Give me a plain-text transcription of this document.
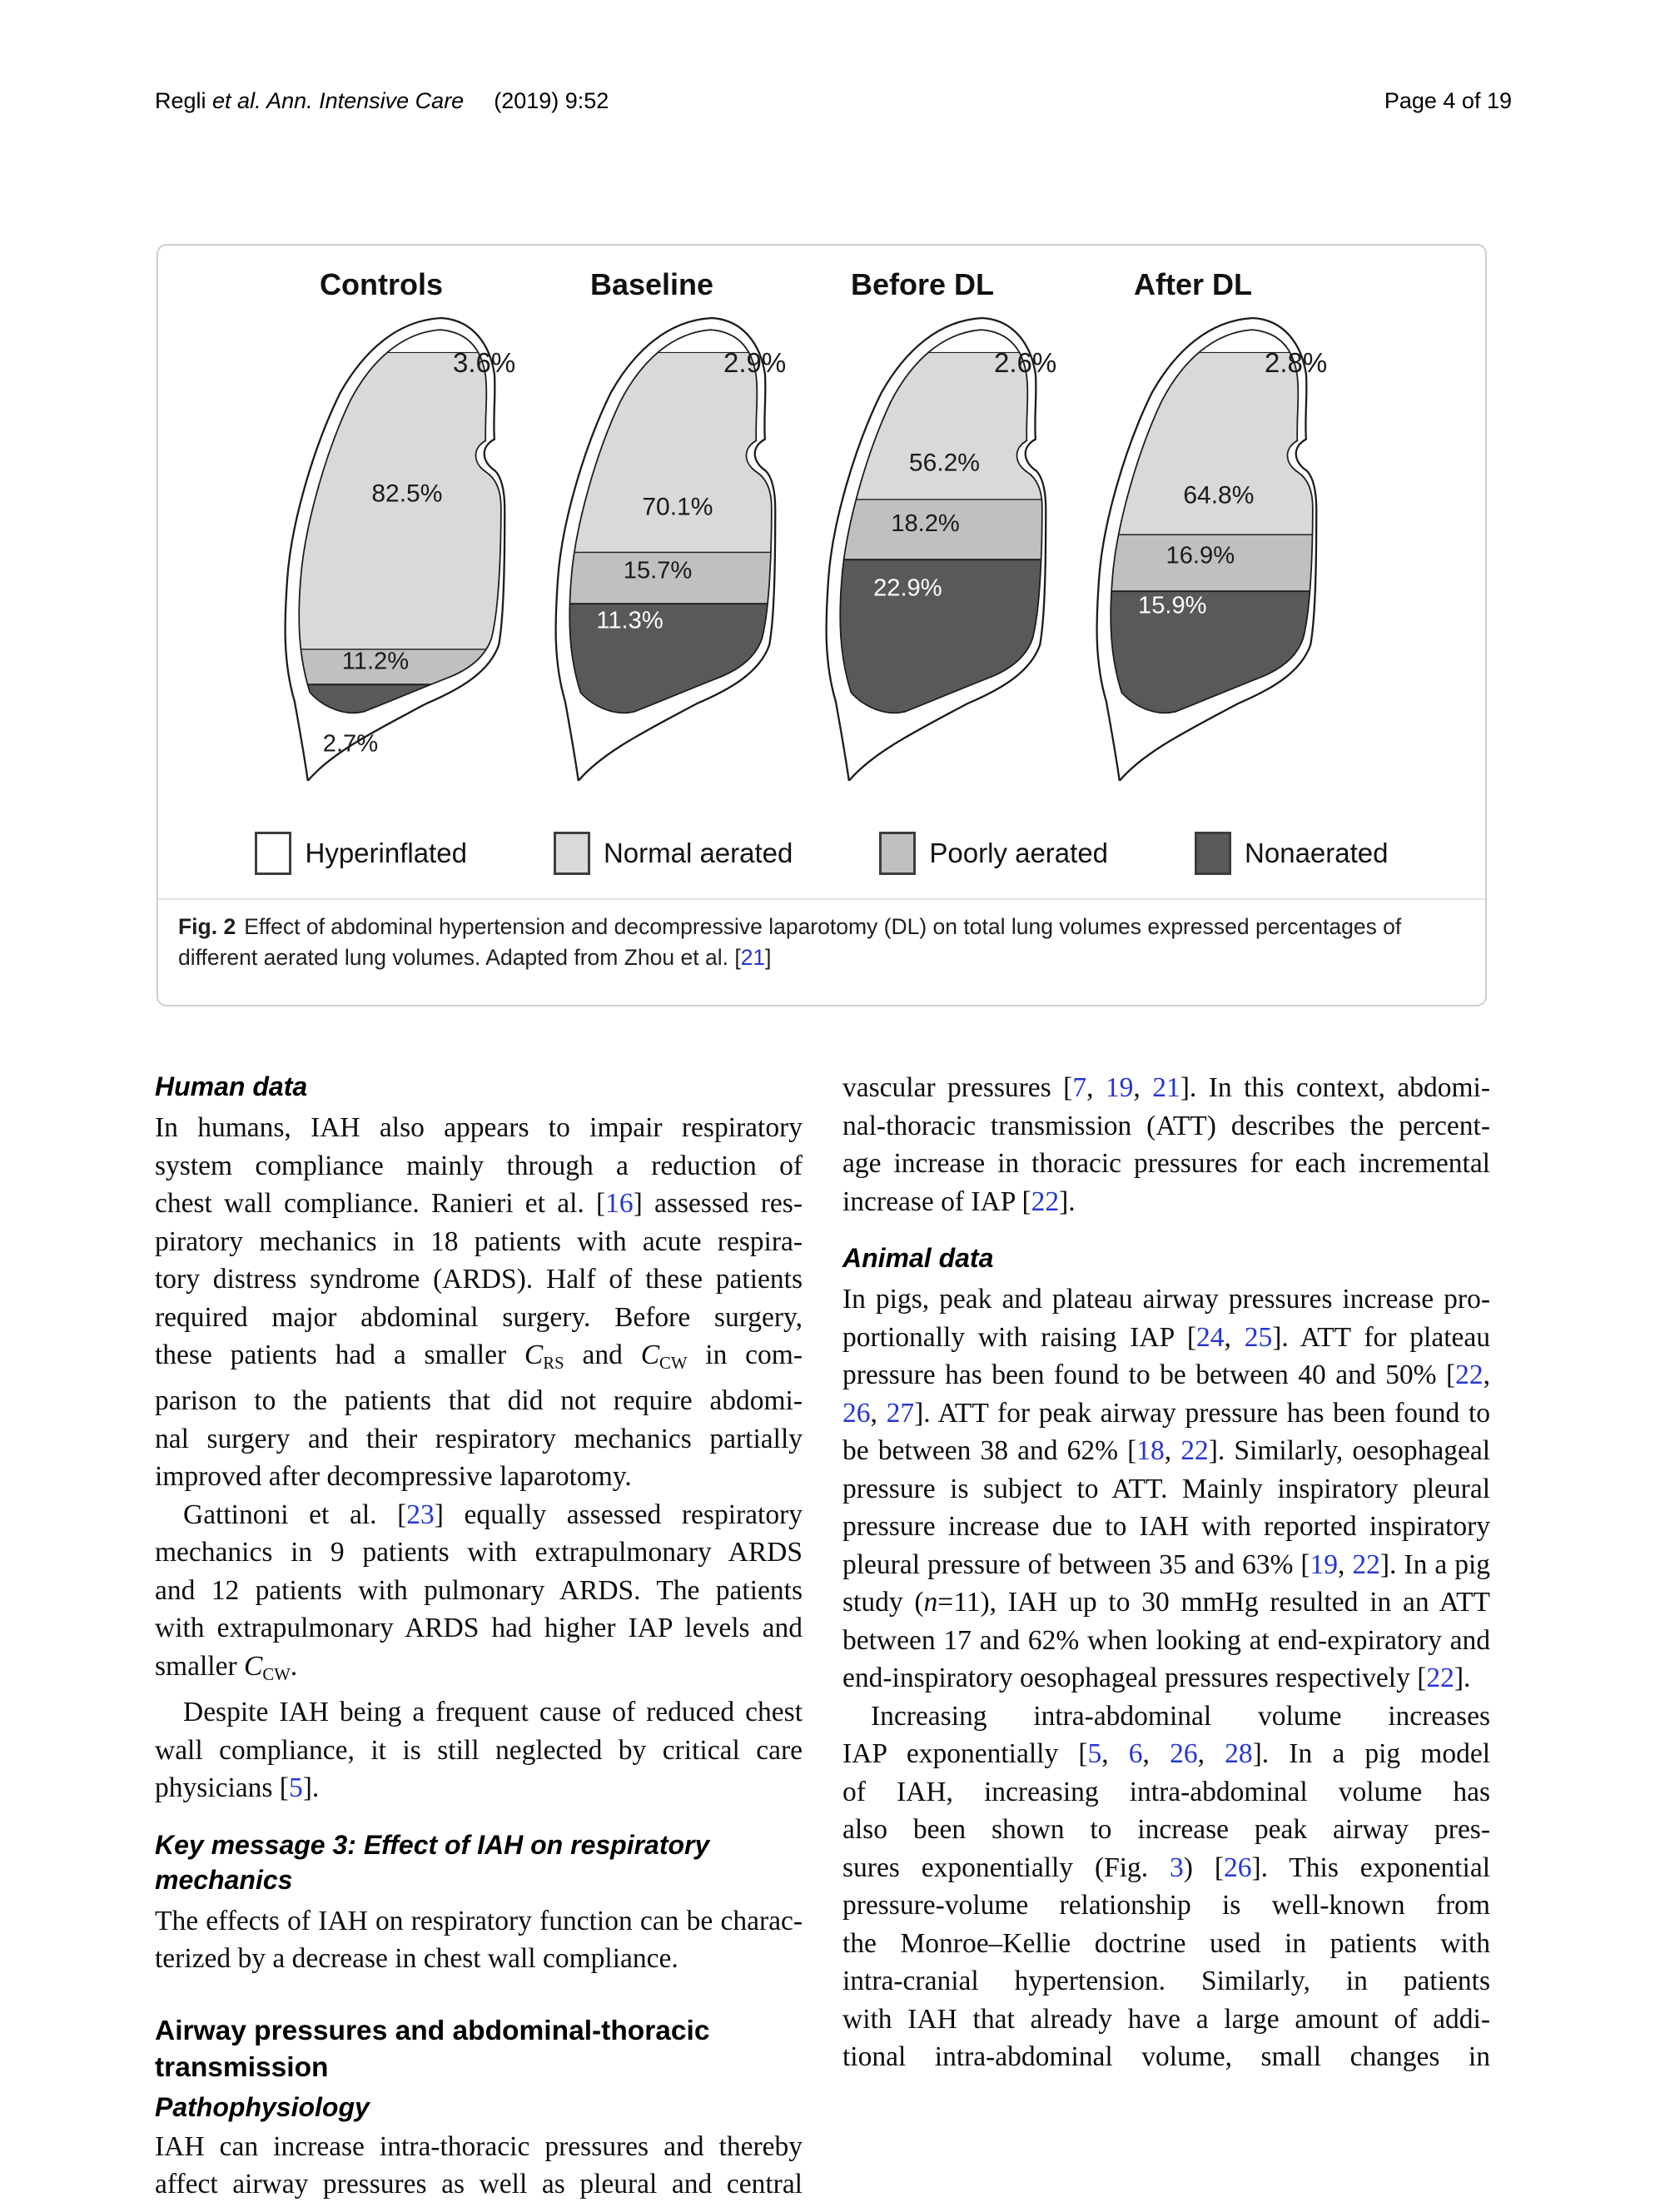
Regli et al. Ann. Intensive Care (2019) 9:52	Page 4 of 19
Controls	Baseline	Before DL	After DL
82.5%
11.2%
2.7%
3.6%
70.1%
15.7%
11.3%
2.9%
56.2%
18.2%
22.9%
2.6%
64.8%
16.9%
15.9%
2.8%
Hyperinflated	Normal aerated	Poorly aerated	Nonaerated
Fig. 2 Effect of abdominal hypertension and decompressive laparotomy (DL) on total lung volumes expressed percentages of different aerated lung volumes. Adapted from Zhou et al. [21]
Human data
In humans, IAH also appears to impair respiratory
system compliance mainly through a reduction of
chest wall compliance. Ranieri et al. [16] assessed res-
piratory mechanics in 18 patients with acute respira-
tory distress syndrome (ARDS). Half of these patients
required major abdominal surgery. Before surgery,
these patients had a smaller $C_{RS}$ and $C_{CW}$ in com-
parison to the patients that did not require abdomi-
nal surgery and their respiratory mechanics partially
improved after decompressive laparotomy.
Gattinoni et al. [23] equally assessed respiratory
mechanics in 9 patients with extrapulmonary ARDS
and 12 patients with pulmonary ARDS. The patients
with extrapulmonary ARDS had higher IAP levels and
smaller $C_{CW}$.
Despite IAH being a frequent cause of reduced chest
wall compliance, it is still neglected by critical care
physicians [5].
Key message 3: Effect of IAH on respiratory mechanics
The effects of IAH on respiratory function can be charac-
terized by a decrease in chest wall compliance.
Airway pressures and abdominal-thoracic transmission
Pathophysiology
IAH can increase intra-thoracic pressures and thereby
affect airway pressures as well as pleural and central
vascular pressures [7, 19, 21]. In this context, abdomi-
nal-thoracic transmission (ATT) describes the percent-
age increase in thoracic pressures for each incremental
increase of IAP [22].
Animal data
In pigs, peak and plateau airway pressures increase pro-
portionally with raising IAP [24, 25]. ATT for plateau
pressure has been found to be between 40 and 50% [22,
26, 27]. ATT for peak airway pressure has been found to
be between 38 and 62% [18, 22]. Similarly, oesophageal
pressure is subject to ATT. Mainly inspiratory pleural
pressure increase due to IAH with reported inspiratory
pleural pressure of between 35 and 63% [19, 22]. In a pig
study (n=11), IAH up to 30 mmHg resulted in an ATT
between 17 and 62% when looking at end-expiratory and
end-inspiratory oesophageal pressures respectively [22].
Increasing intra-abdominal volume increases
IAP exponentially [5, 6, 26, 28]. In a pig model
of IAH, increasing intra-abdominal volume has
also been shown to increase peak airway pres-
sures exponentially (Fig. 3) [26]. This exponential
pressure-volume relationship is well-known from
the Monroe–Kellie doctrine used in patients with
intra-cranial hypertension. Similarly, in patients
with IAH that already have a large amount of addi-
tional intra-abdominal volume, small changes in
